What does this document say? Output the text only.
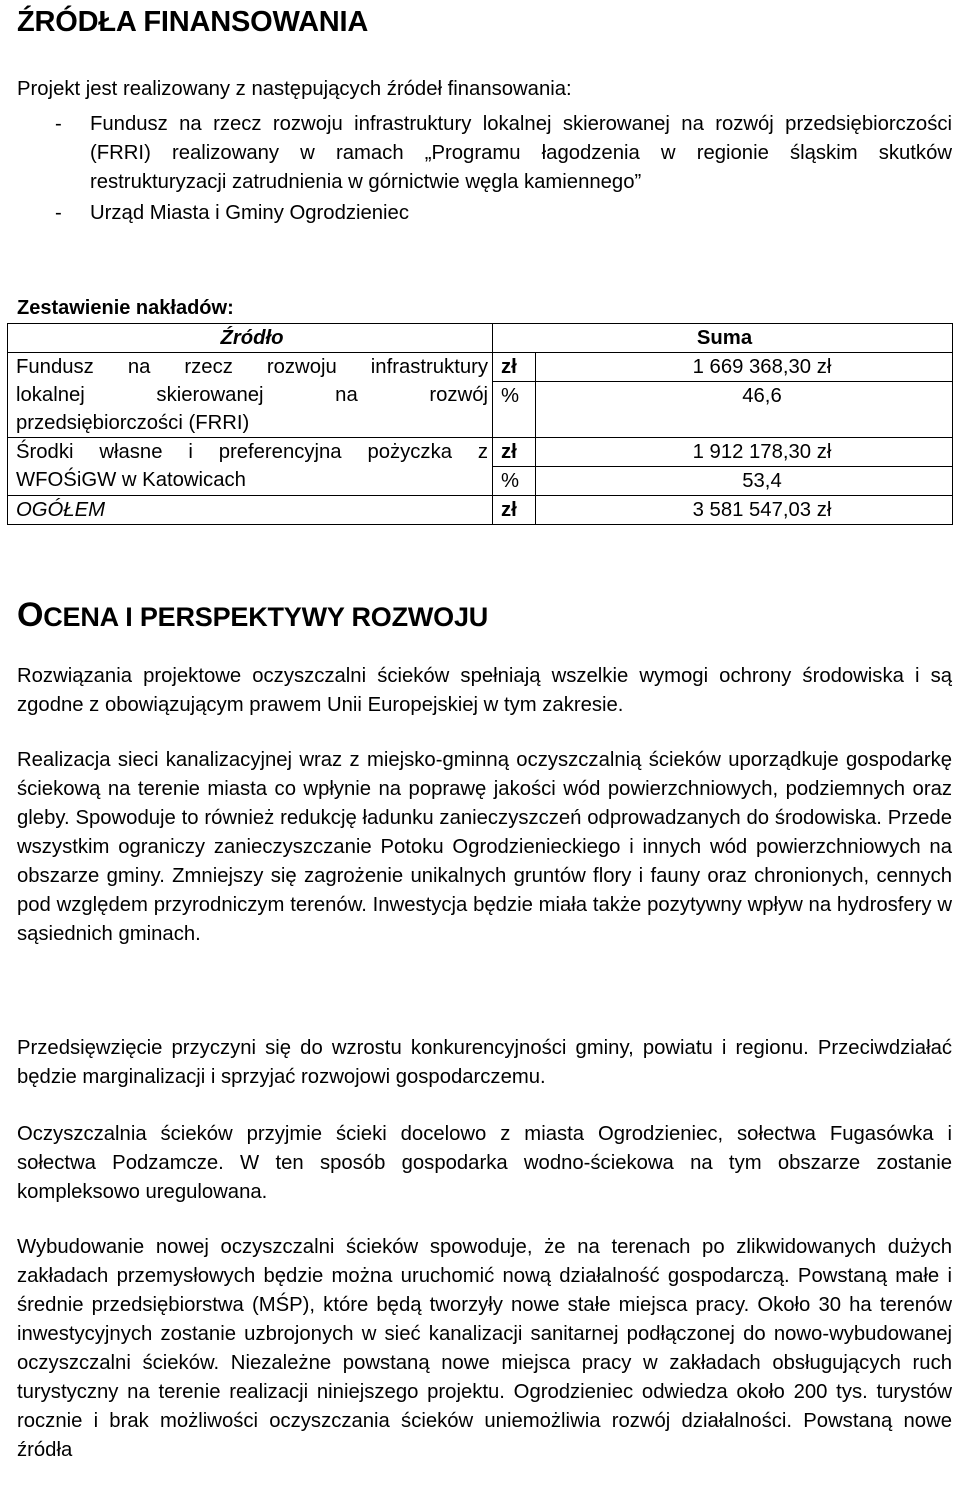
ŹRÓDŁA FINANSOWANIA

Projekt jest realizowany z następujących źródeł finansowania:

- Fundusz na rzecz rozwoju infrastruktury lokalnej skierowanej na rozwój przedsiębiorczości (FRRI) realizowany w ramach „Programu łagodzenia w regionie śląskim skutków restrukturyzacji zatrudnienia w górnictwie węgla kamiennego”
- Urząd Miasta i Gminy Ogrodzieniec
Zestawienie nakładów:
Źródło	Suma	

Fundusz na rzecz rozwoju infrastruktury
lokalnej skierowanej na rozwój
przedsiębiorczości (FRRI)	zł	1 669 368,30 zł
	%	46,6

Środki własne i preferencyjna pożyczka z
WFOŚiGW w Katowicach	zł	1 912 178,30 zł
	%	53,4
OGÓŁEM	zł	3 581 547,03 zł
OCENA I PERSPEKTYWY ROZWOJU

Rozwiązania projektowe oczyszczalni ścieków spełniają wszelkie wymogi ochrony środowiska i są zgodne z obowiązującym prawem Unii Europejskiej w tym zakresie.

Realizacja sieci kanalizacyjnej wraz z miejsko-gminną oczyszczalnią ścieków uporządkuje gospodarkę ściekową na terenie miasta co wpłynie na poprawę jakości wód powierzchniowych, podziemnych oraz gleby. Spowoduje to również redukcję ładunku zanieczyszczeń odprowadzanych do środowiska. Przede wszystkim ograniczy zanieczyszczanie Potoku Ogrodzienieckiego i innych wód powierzchniowych na obszarze gminy. Zmniejszy się zagrożenie unikalnych gruntów flory i fauny oraz chronionych, cennych pod względem przyrodniczym terenów. Inwestycja będzie miała także pozytywny wpływ na hydrosfery w sąsiednich gminach.

Przedsięwzięcie przyczyni się do wzrostu konkurencyjności gminy, powiatu i regionu. Przeciwdziałać będzie marginalizacji i sprzyjać rozwojowi gospodarczemu.

Oczyszczalnia ścieków przyjmie ścieki docelowo z miasta Ogrodzieniec, sołectwa Fugasówka i sołectwa Podzamcze. W ten sposób gospodarka wodno-ściekowa na tym obszarze zostanie kompleksowo uregulowana.

Wybudowanie nowej oczyszczalni ścieków spowoduje, że na terenach po zlikwidowanych dużych zakładach przemysłowych będzie można uruchomić nową działalność gospodarczą. Powstaną małe i średnie przedsiębiorstwa (MŚP), które będą tworzyły nowe stałe miejsca pracy. Około 30 ha terenów inwestycyjnych zostanie uzbrojonych w sieć kanalizacji sanitarnej podłączonej do nowo-wybudowanej oczyszczalni ścieków. Niezależne powstaną nowe miejsca pracy w zakładach obsługujących ruch turystyczny na terenie realizacji niniejszego projektu. Ogrodzieniec odwiedza około 200 tys. turystów rocznie i brak możliwości oczyszczania ścieków uniemożliwia rozwój działalności. Powstaną nowe źródła
